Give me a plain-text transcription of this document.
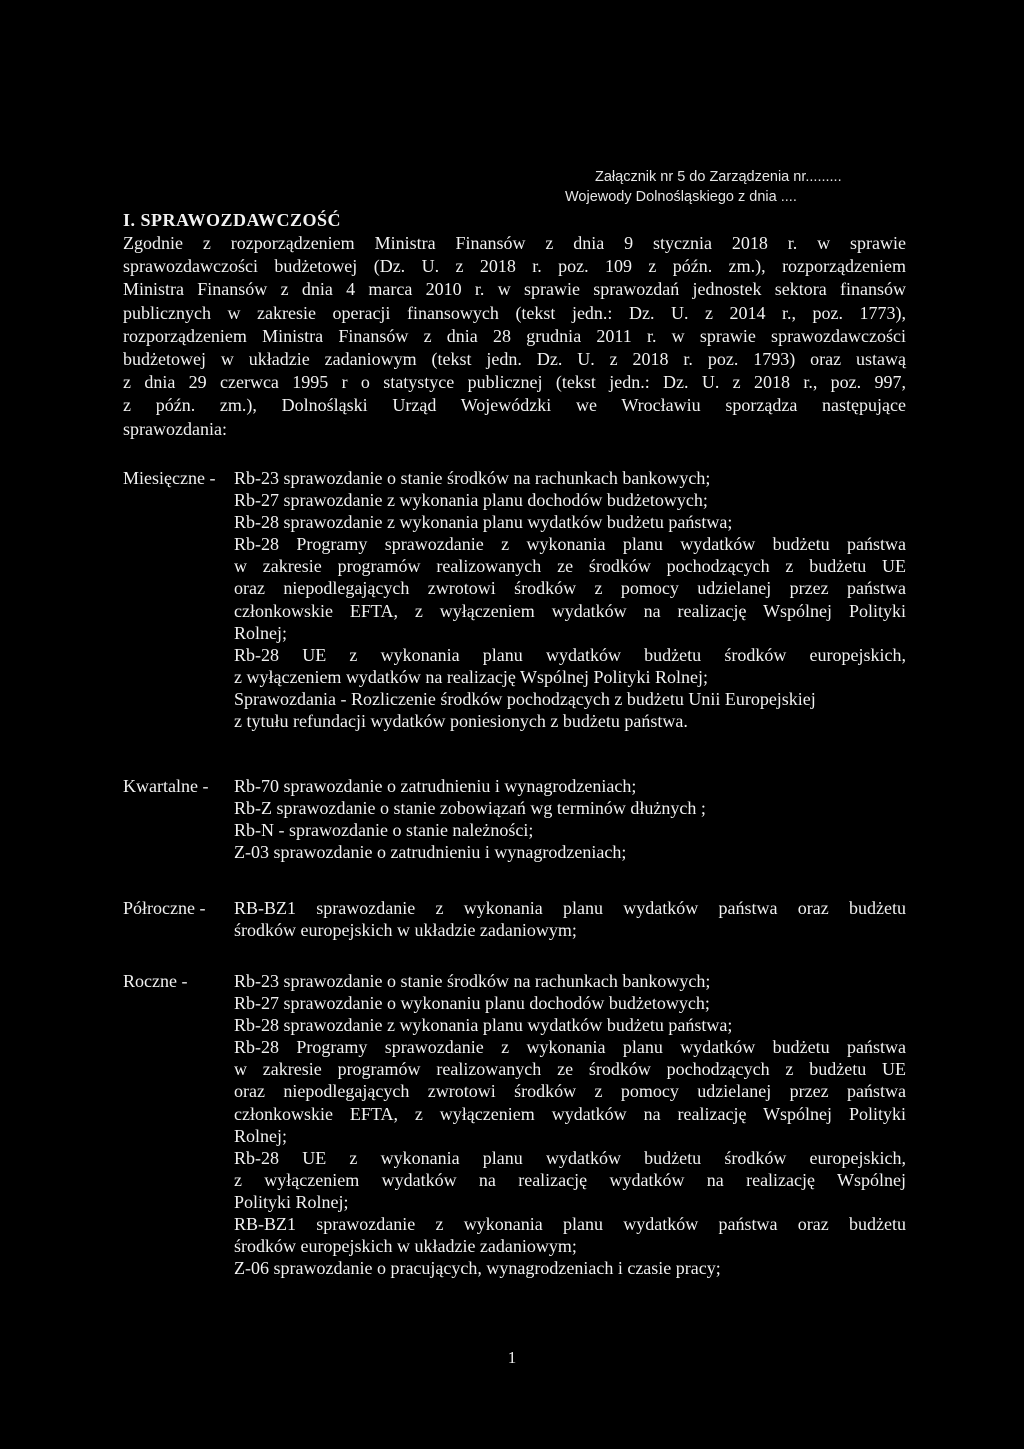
Załącznik nr 5 do Zarządzenia nr.........
Wojewody Dolnośląskiego z dnia ....
I. SPRAWOZDAWCZOŚĆ

Zgodnie z rozporządzeniem Ministra Finansów z dnia 9 stycznia 2018 r. w sprawie

sprawozdawczości budżetowej (Dz. U. z 2018 r. poz. 109 z późn. zm.), rozporządzeniem

Ministra Finansów z dnia 4 marca 2010 r. w sprawie sprawozdań jednostek sektora finansów

publicznych w zakresie operacji finansowych (tekst jedn.: Dz. U. z 2014 r., poz. 1773),

rozporządzeniem Ministra Finansów z dnia 28 grudnia 2011 r. w sprawie sprawozdawczości

budżetowej w układzie zadaniowym (tekst jedn. Dz. U. z 2018 r. poz. 1793) oraz ustawą

z dnia 29 czerwca 1995 r o statystyce publicznej (tekst jedn.: Dz. U. z 2018 r., poz. 997,

z późn. zm.), Dolnośląski Urząd Wojewódzki we Wrocławiu sporządza następujące

sprawozdania:

Miesięczne - Rb-23 sprawozdanie o stanie środków na rachunkach bankowych;

Rb-27 sprawozdanie z wykonania planu dochodów budżetowych;

Rb-28 sprawozdanie z wykonania planu wydatków budżetu państwa;

Rb-28 Programy sprawozdanie z wykonania planu wydatków budżetu państwa

w zakresie programów realizowanych ze środków pochodzących z budżetu UE

oraz niepodlegających zwrotowi środków z pomocy udzielanej przez państwa

członkowskie EFTA, z wyłączeniem wydatków na realizację Wspólnej Polityki

Rolnej;

Rb-28 UE z wykonania planu wydatków budżetu środków europejskich,

z wyłączeniem wydatków na realizację Wspólnej Polityki Rolnej;

Sprawozdania - Rozliczenie środków pochodzących z budżetu Unii Europejskiej

z tytułu refundacji wydatków poniesionych z budżetu państwa.

Kwartalne - Rb-70 sprawozdanie o zatrudnieniu i wynagrodzeniach;

Rb-Z sprawozdanie o stanie zobowiązań wg terminów dłużnych ;

Rb-N - sprawozdanie o stanie należności;

Z-03 sprawozdanie o zatrudnieniu i wynagrodzeniach;

Półroczne - RB-BZ1 sprawozdanie z wykonania planu wydatków państwa oraz budżetu

środków europejskich w układzie zadaniowym;

Roczne -	Rb-23 sprawozdanie o stanie środków na rachunkach bankowych;

Rb-27 sprawozdanie o wykonaniu planu dochodów budżetowych;

Rb-28 sprawozdanie z wykonania planu wydatków budżetu państwa;

Rb-28 Programy sprawozdanie z wykonania planu wydatków budżetu państwa

w zakresie programów realizowanych ze środków pochodzących z budżetu UE

oraz niepodlegających zwrotowi środków z pomocy udzielanej przez państwa

członkowskie EFTA, z wyłączeniem wydatków na realizację Wspólnej Polityki

Rolnej;

Rb-28 UE z wykonania planu wydatków budżetu środków europejskich,

z wyłączeniem wydatków na realizację wydatków na realizację Wspólnej

Polityki Rolnej;

RB-BZ1 sprawozdanie z wykonania planu wydatków państwa oraz budżetu

środków europejskich w układzie zadaniowym;

Z-06 sprawozdanie o pracujących, wynagrodzeniach i czasie pracy;

1
